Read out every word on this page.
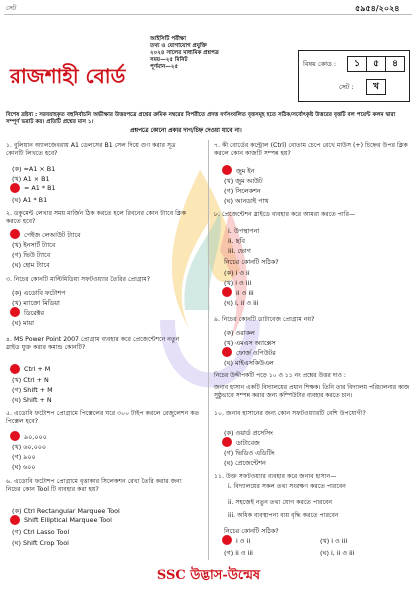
সেট	৫৯৫৪/২০২৪
রাজশাহী বোর্ড
আইসিটি পরীক্ষা
তথ্য ও যোগাযোগ প্রযুক্তি
২০২৪ সালের মাধ্যমিক প্রশ্নপত্র
সময়—২৫ মিনিট
পূর্ণমান—২৫	বিষয় কোড :	১	৫	৪
সেট :	খ
বিশেষ দ্রষ্টব্য : সরবরাহকৃত বহুনির্বাচনি অভীক্ষার উত্তরপত্রে প্রশ্নের ক্রমিক নম্বরের বিপরীতে প্রদত্ত বর্ণসংবলিত বৃত্তসমূহ হতে সঠিক/সর্বোৎকৃষ্ট উত্তরের বৃত্তটি বল পয়েন্ট কলম দ্বারা সম্পূর্ণ ভরাট কর। প্রতিটি প্রশ্নের মান ১।
প্রশ্নপত্রে কোনো প্রকার দাগ/চিহ্ন দেওয়া যাবে না।
১. বুলিয়ান অ্যালজেবরায় A1 ডেলসের B1 সেল দিয়ে গুণ করার সূত্র কোনটি লিখতে হবে?
(ক) =A1 × B1
(খ) A1 × B1
= A1 * B1
(ঘ) A1 * B1
২. ডকুমেন্ট লেখার সময় মার্জিন ঠিক করতে হলে রিবনের কোন ট্যাবে ক্লিক করতে হবে?
পেইজ লেআউট ট্যাবে
(খ) ইনসার্ট ট্যাবে
(গ) ভিউ ট্যাবে
(ঘ) হোম ট্যাবে
৩. নিচের কোনটি মাল্টিমিডিয়া সফটওয়্যার তৈরির প্রোগ্রাম?
(ক) এডোবি ফটোশপ
(খ) ম্যাক্রো মিডিয়া
ডিরেক্টর
(ঘ) মায়া
৪. MS Power Point 2007 প্রোগ্রাম ব্যবহার করে প্রেজেন্টেশনে নতুন স্লাইড যুক্ত করার কমান্ড কোনটি?
Ctrl + M
(খ) Ctrl + N
(গ) Shift + M
(ঘ) Shift + N
৫. এডোবি ফটোশপ প্রোগ্রামে পিক্সেলের ঘরে ৩০০ টাইপ করলে রেজুলেশন কত পিক্সেল হবে?
৯০,০০০
(খ) ৬০,০০০
(গ) ৯০০
(ঘ) ৬০০
৬. এডোবি ফটোশপ প্রোগ্রামে বৃত্তাকার সিলেকশন রেখা তৈরি করার জন্য নিচের কোন Tool টি ব্যবহার করা হয়?
(ক) Ctrl Rectangular Marquee Tool
Shift Elliptical Marquee Tool
(গ) Ctrl Lasso Tool
(ঘ) Shift Crop Tool
৭. কী বোর্ডের কন্ট্রোল (Ctrl) বোতাম চেপে রেখে মাউস (+) চিহ্নের উপর ক্লিক করলে কোন কাজটি সম্পন্ন হয়?
জুম ইন
(খ) জুম আউট
(গ) সিলেকশন
(ঘ) আনডাই পাথ
৮. প্রেজেন্টেশন স্লাইডে ব্যবহার করে আমরা করতে পারি—
i. উপস্থাপনা
ii. ছবি
iii. ভোগ
নিচের কোনটি সঠিক?
(ক) i ও ii
(খ) i ও iii
ii ও iii
(ঘ) i, ii ও iii
৯. নিচের কোনটি ডাটাবেজ প্রোগ্রাম নয়?
(ক) ওরাকল
(খ) এমএস অ্যাক্সেস
ফোর্জ ওপিউটর
(ঘ) মাইএসকিউএল
নিচের উদ্দীপকটি পড়ে ১০ ও ১১ নং প্রশ্নের উত্তর দাও :
জনাব হাসান একটি বিদ্যালয়ের প্রধান শিক্ষক। তিনি তার বিদ্যালয় পরিচালনার কাজ সুষ্ঠুভাবে সম্পন্ন করার জন্য কম্পিউটার ব্যবহার করতে চান।
১০. জনাব হাসানের জন্য কোন সফটওয়্যারটি বেশি উপযোগী?
(ক) ওয়ার্ড প্রসেসিং
ডাটাবেজ
(গ) ভিডিও এডিটিং
(ঘ) প্রেজেন্টেশন
১১. উক্ত সফটওয়্যার ব্যবহার করে জনাব হাসান—
i. বিদ্যালয়ের সকল তথ্য সংরক্ষণ করতে পারবেন
ii. সহজেই নতুন তথ্য যোগ করতে পারবেন
iii. অধিক ব্যবস্থাপনা ব্যয় বৃদ্ধি করতে পারবেন
নিচের কোনটি সঠিক?
i ও ii	(খ) i ও iii
(গ) ii ও iii	(ঘ) i, ii ও iii
SSC উদ্ভাস-উন্মেষ
